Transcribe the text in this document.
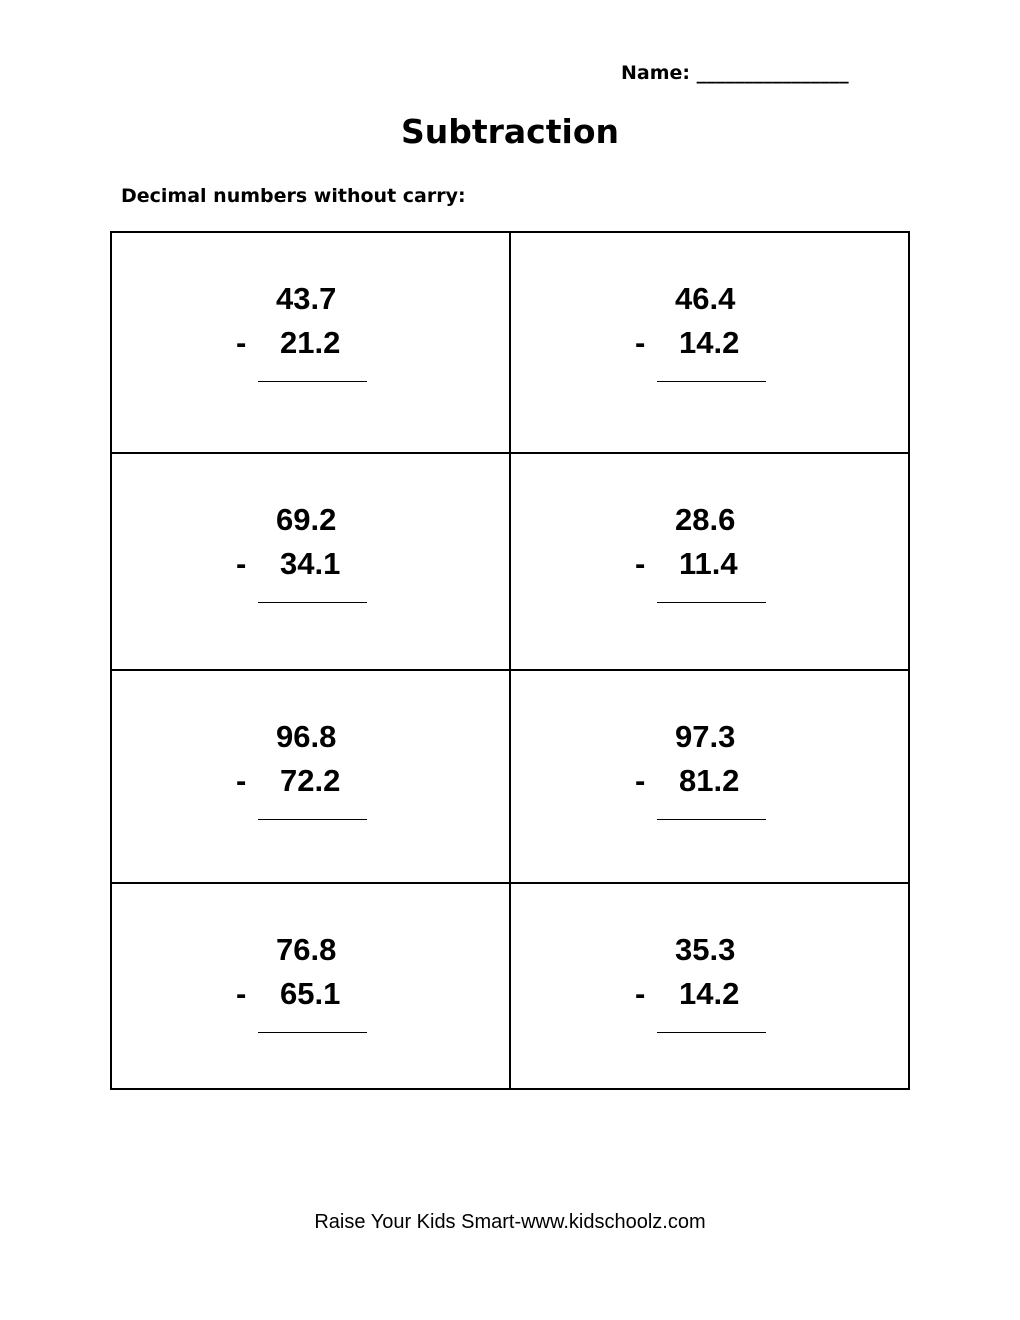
Name: ________________
Subtraction
Decimal numbers without carry:
43.7
- 21.2
46.4
- 14.2
69.2
- 34.1
28.6
- 11.4
96.8
- 72.2
97.3
- 81.2
76.8
- 65.1
35.3
- 14.2
Raise Your Kids Smart-www.kidschoolz.com
